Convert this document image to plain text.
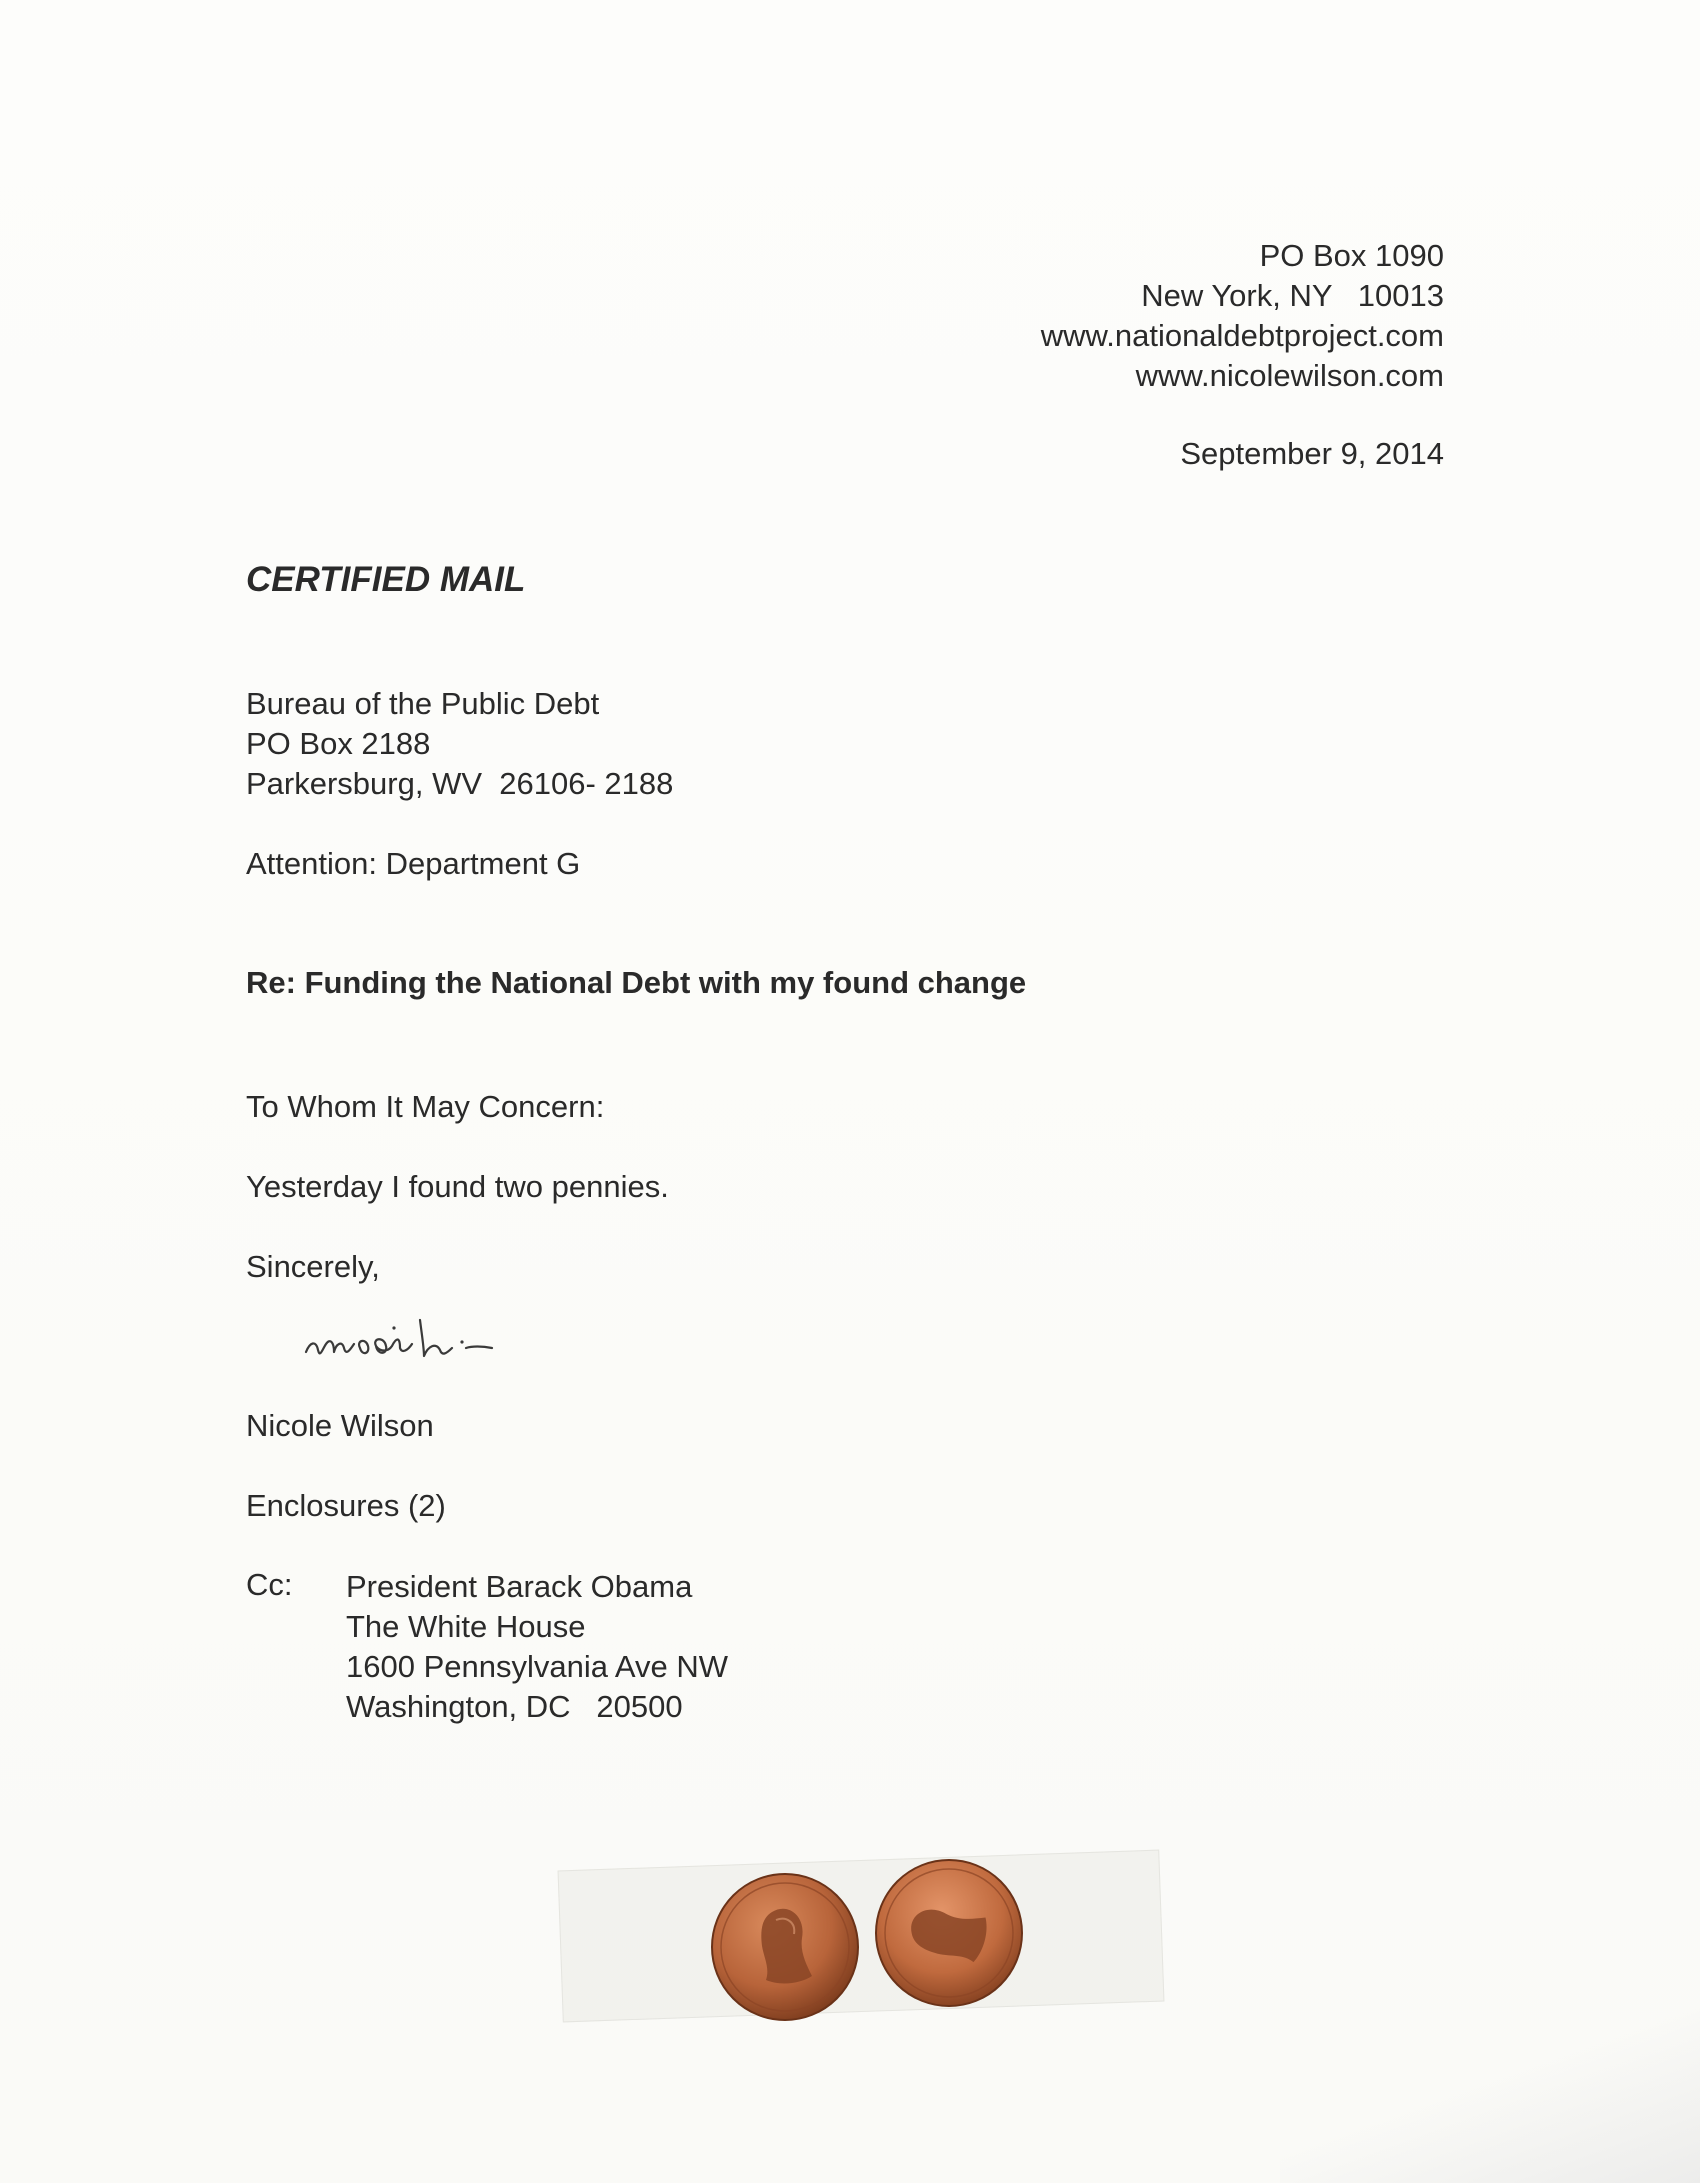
PO Box 1090
New York, NY   10013
www.nationaldebtproject.com
www.nicolewilson.com
September 9, 2014
CERTIFIED MAIL
Bureau of the Public Debt
PO Box 2188
Parkersburg, WV  26106- 2188
Attention: Department G
Re: Funding the National Debt with my found change
To Whom It May Concern:
Yesterday I found two pennies.
Sincerely,
Nicole Wilson
Enclosures (2)
Cc: President Barack Obama
The White House
1600 Pennsylvania Ave NW
Washington, DC   20500
